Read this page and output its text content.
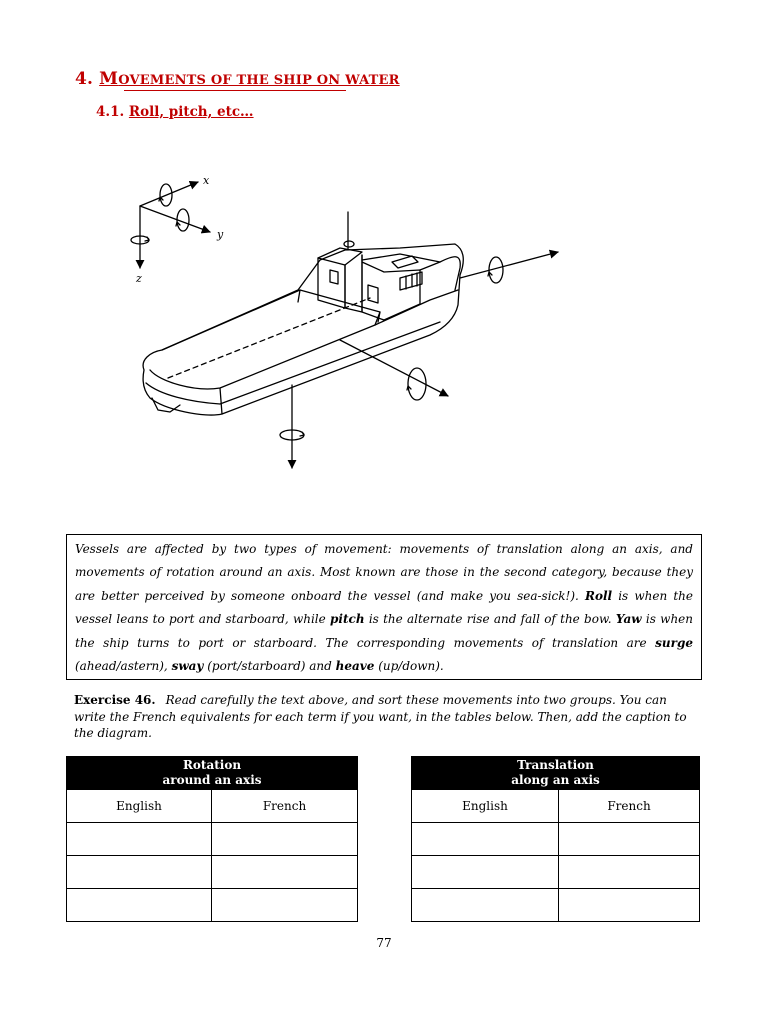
4. MOVEMENTS OF THE SHIP ON WATER
4.1. Roll, pitch, etc…
x
y
z
Vessels are affected by two types of movement: movements of translation along an axis, and movements of rotation around an axis. Most known are those in the second category, because they are better perceived by someone onboard the vessel (and make you sea-sick!). Roll is when the vessel leans to port and starboard, while pitch is the alternate rise and fall of the bow. Yaw is when the ship turns to port or starboard. The corresponding movements of translation are surge (ahead/astern), sway (port/starboard) and heave (up/down).
Exercise 46. Read carefully the text above, and sort these movements into two groups. You can write the French equivalents for each term if you want, in the tables below. Then, add the caption to the diagram.
Rotation
around an axis	
English	French

Translation
along an axis	
English	French

77
